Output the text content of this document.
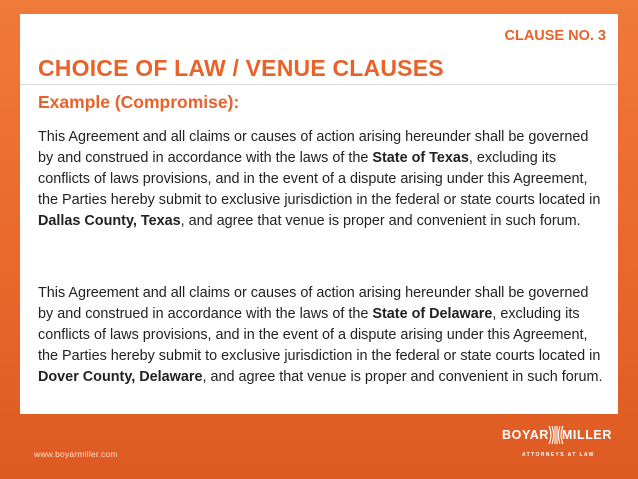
CLAUSE NO. 3
CHOICE OF LAW / VENUE CLAUSES
Example (Compromise):

This Agreement and all claims or causes of action arising hereunder shall be governed by and construed in accordance with the laws of the State of Texas, excluding its conflicts of laws provisions, and in the event of a dispute arising under this Agreement, the Parties hereby submit to exclusive jurisdiction in the federal or state courts located in Dallas County, Texas, and agree that venue is proper and convenient in such forum.

This Agreement and all claims or causes of action arising hereunder shall be governed by and construed in accordance with the laws of the State of Delaware, excluding its conflicts of laws provisions, and in the event of a dispute arising under this Agreement, the Parties hereby submit to exclusive jurisdiction in the federal or state courts located in Dover County, Delaware, and agree that venue is proper and convenient in such forum.

www.boyarmiller.com
BOYAR MILLER
ATTORNEYS AT LAW
